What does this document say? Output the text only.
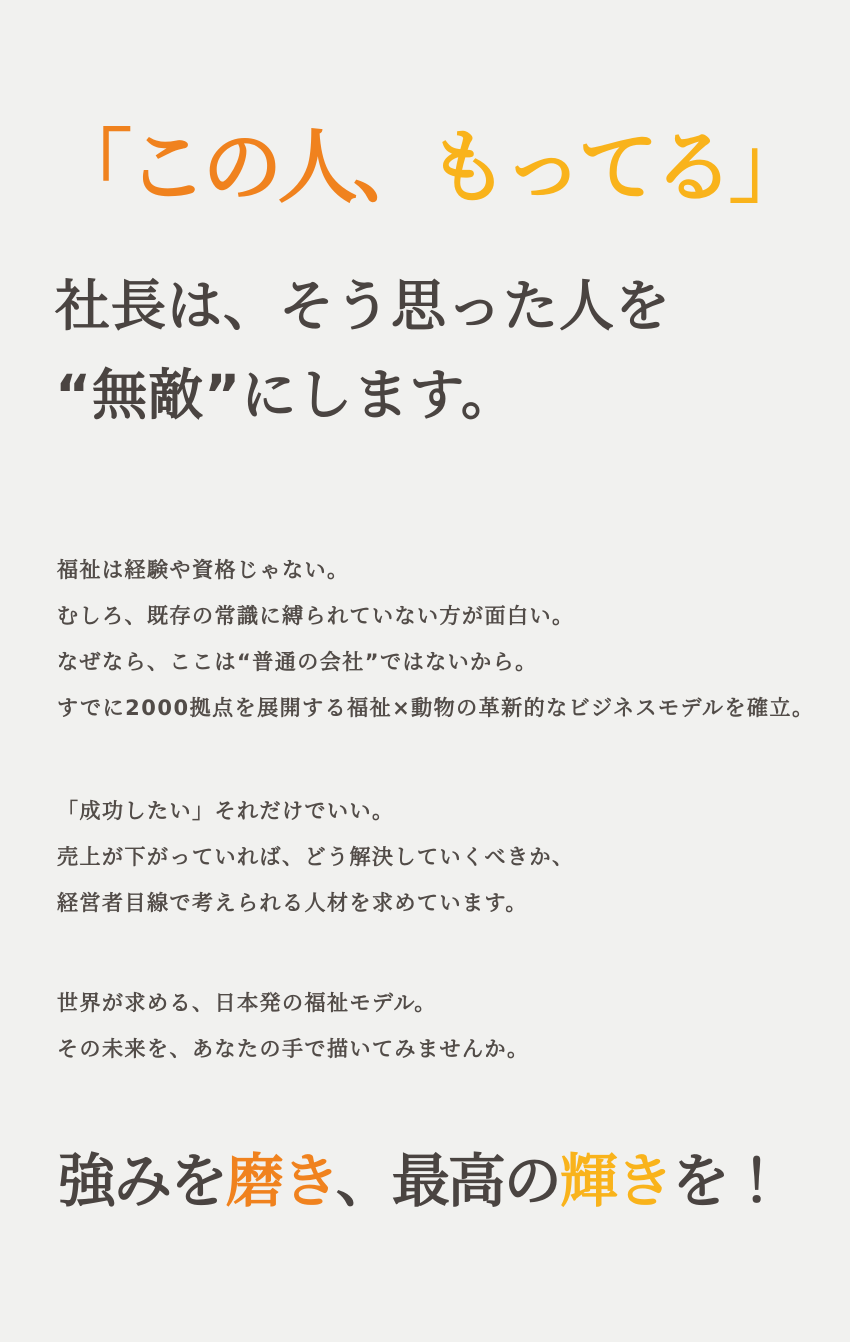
「この人、もってる」
社長は、そう思った人を
“無敵”にします。
福祉は経験や資格じゃない。
むしろ、既存の常識に縛られていない方が面白い。
なぜなら、ここは“普通の会社”ではないから。
すでに2000拠点を展開する福祉×動物の革新的なビジネスモデルを確立。
「成功したい」それだけでいい。
売上が下がっていれば、どう解決していくべきか、
経営者目線で考えられる人材を求めています。
世界が求める、日本発の福祉モデル。
その未来を、あなたの手で描いてみませんか。
強みを磨き、最高の輝きを！
